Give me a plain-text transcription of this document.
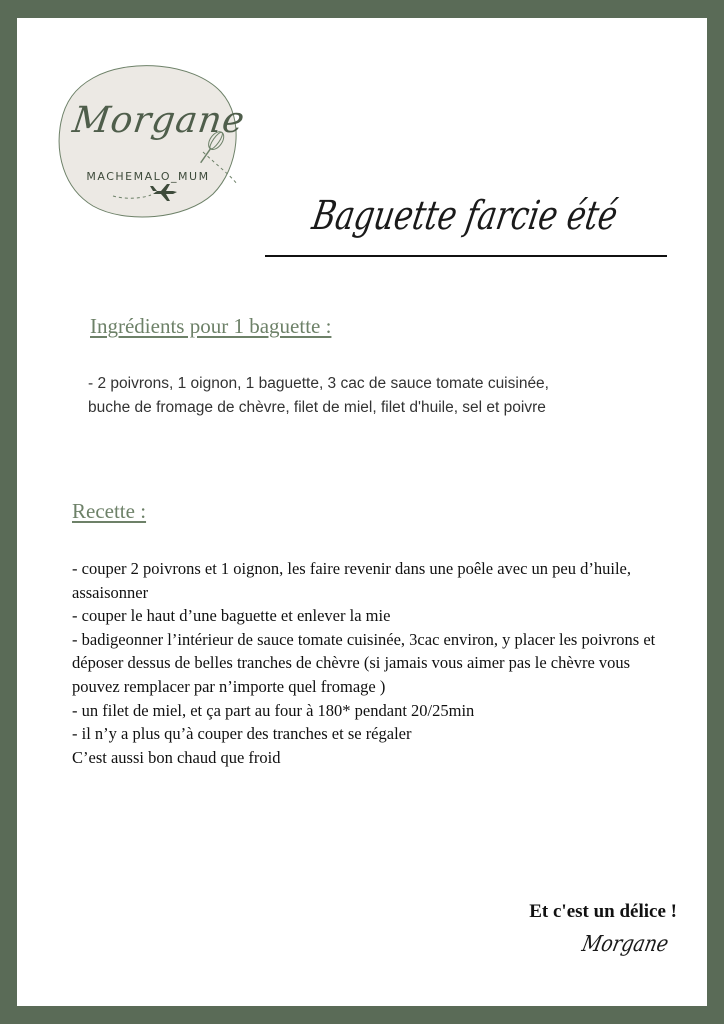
Morgane
MACHEMALO_MUM
Baguette farcie été
Ingrédients pour 1 baguette :
- 2 poivrons, 1 oignon, 1 baguette, 3 cac de sauce tomate cuisinée,
buche de fromage de chèvre, filet de miel, filet d'huile, sel et poivre
Recette :
- couper 2 poivrons et 1 oignon, les faire revenir dans une poêle avec un peu d’huile, assaisonner
- couper le haut d’une baguette et enlever la mie
- badigeonner l’intérieur de sauce tomate cuisinée, 3cac environ, y placer les poivrons et déposer dessus de belles tranches de chèvre (si jamais vous aimer pas le chèvre vous pouvez remplacer par n’importe quel fromage )
- un filet de miel, et ça part au four à 180* pendant 20/25min
- il n’y a plus qu’à couper des tranches et se régaler
C’est aussi bon chaud que froid
Et c'est un délice !
Morgane
